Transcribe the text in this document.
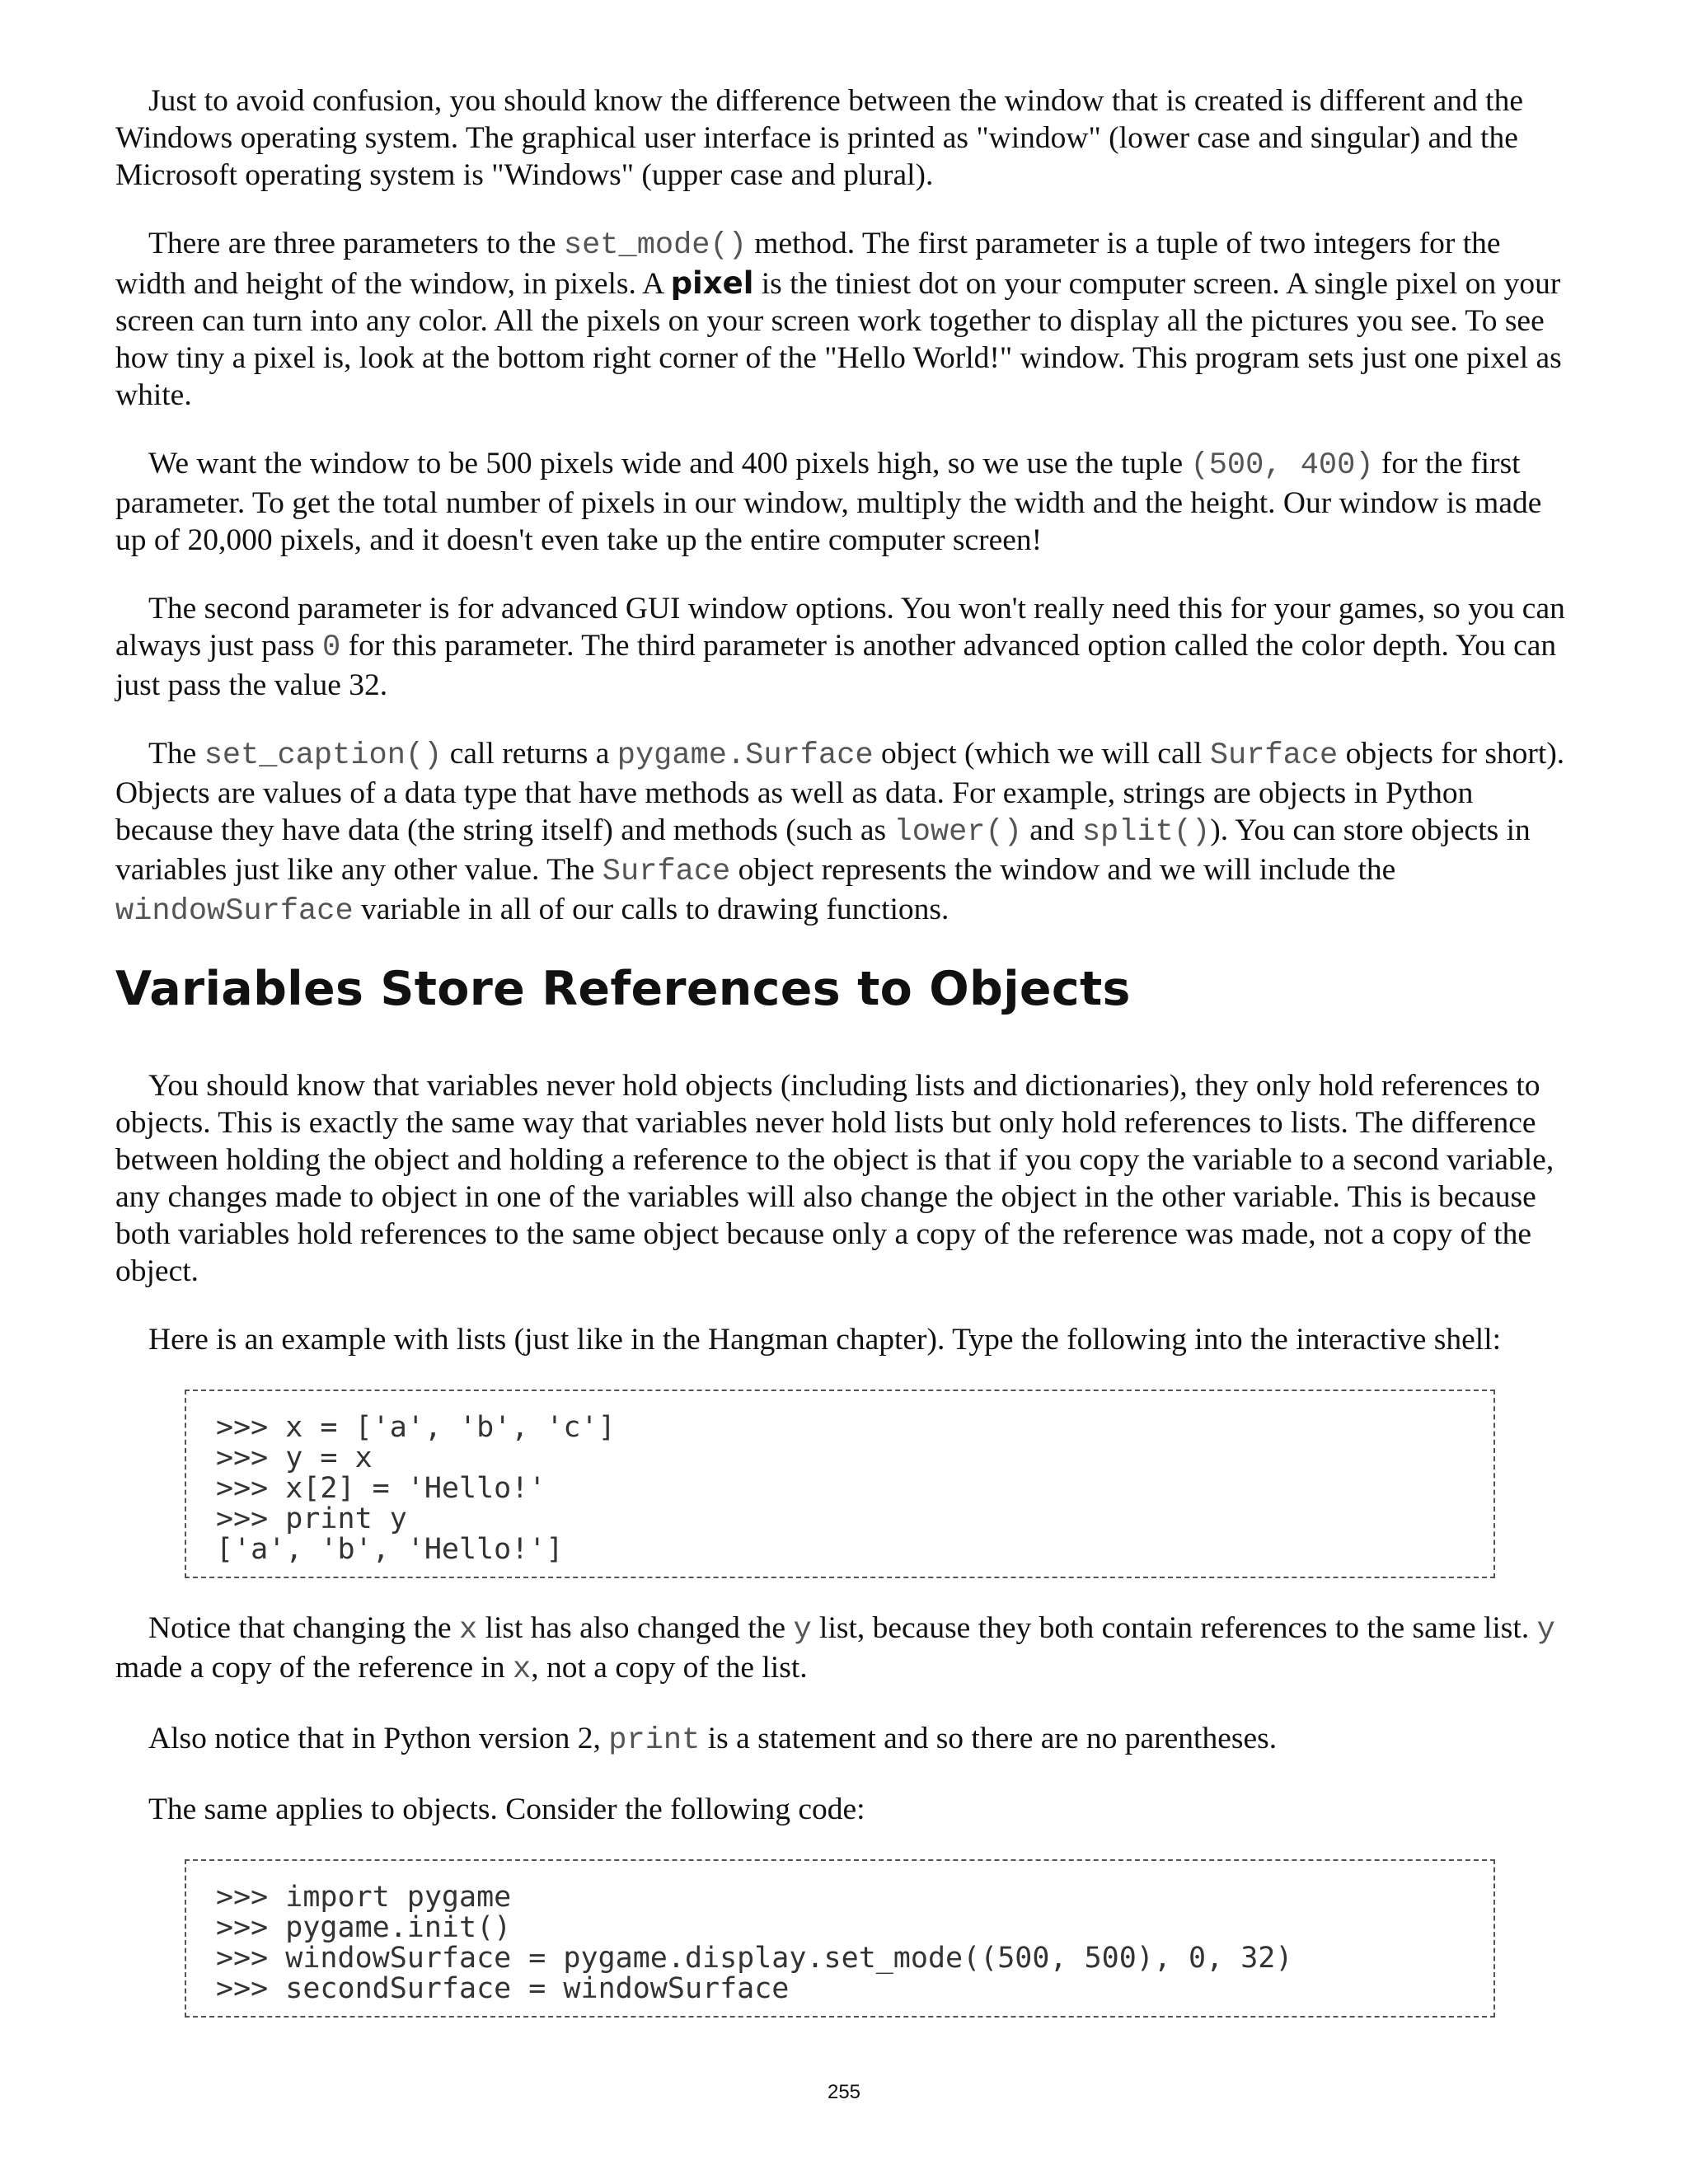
Just to avoid confusion, you should know the difference between the window that is created is different and the Windows operating system. The graphical user interface is printed as "window" (lower case and singular) and the Microsoft operating system is "Windows" (upper case and plural).

There are three parameters to the set_mode() method. The first parameter is a tuple of two integers for the width and height of the window, in pixels. A pixel is the tiniest dot on your computer screen. A single pixel on your screen can turn into any color. All the pixels on your screen work together to display all the pictures you see. To see how tiny a pixel is, look at the bottom right corner of the "Hello World!" window. This program sets just one pixel as white.

We want the window to be 500 pixels wide and 400 pixels high, so we use the tuple (500, 400) for the first parameter. To get the total number of pixels in our window, multiply the width and the height. Our window is made up of 20,000 pixels, and it doesn't even take up the entire computer screen!

The second parameter is for advanced GUI window options. You won't really need this for your games, so you can always just pass 0 for this parameter. The third parameter is another advanced option called the color depth. You can just pass the value 32.

The set_caption() call returns a pygame.Surface object (which we will call Surface objects for short). Objects are values of a data type that have methods as well as data. For example, strings are objects in Python because they have data (the string itself) and methods (such as lower() and split()). You can store objects in variables just like any other value. The Surface object represents the window and we will include the windowSurface variable in all of our calls to drawing functions.

Variables Store References to Objects

You should know that variables never hold objects (including lists and dictionaries), they only hold references to objects. This is exactly the same way that variables never hold lists but only hold references to lists. The difference between holding the object and holding a reference to the object is that if you copy the variable to a second variable, any changes made to object in one of the variables will also change the object in the other variable. This is because both variables hold references to the same object because only a copy of the reference was made, not a copy of the object.

Here is an example with lists (just like in the Hangman chapter). Type the following into the interactive shell:

>>> x = ['a', 'b', 'c']
>>> y = x
>>> x[2] = 'Hello!'
>>> print y
['a', 'b', 'Hello!']

Notice that changing the x list has also changed the y list, because they both contain references to the same list. y made a copy of the reference in x, not a copy of the list.

Also notice that in Python version 2, print is a statement and so there are no parentheses.

The same applies to objects. Consider the following code:

>>> import pygame
>>> pygame.init()
>>> windowSurface = pygame.display.set_mode((500, 500), 0, 32)
>>> secondSurface = windowSurface
255
